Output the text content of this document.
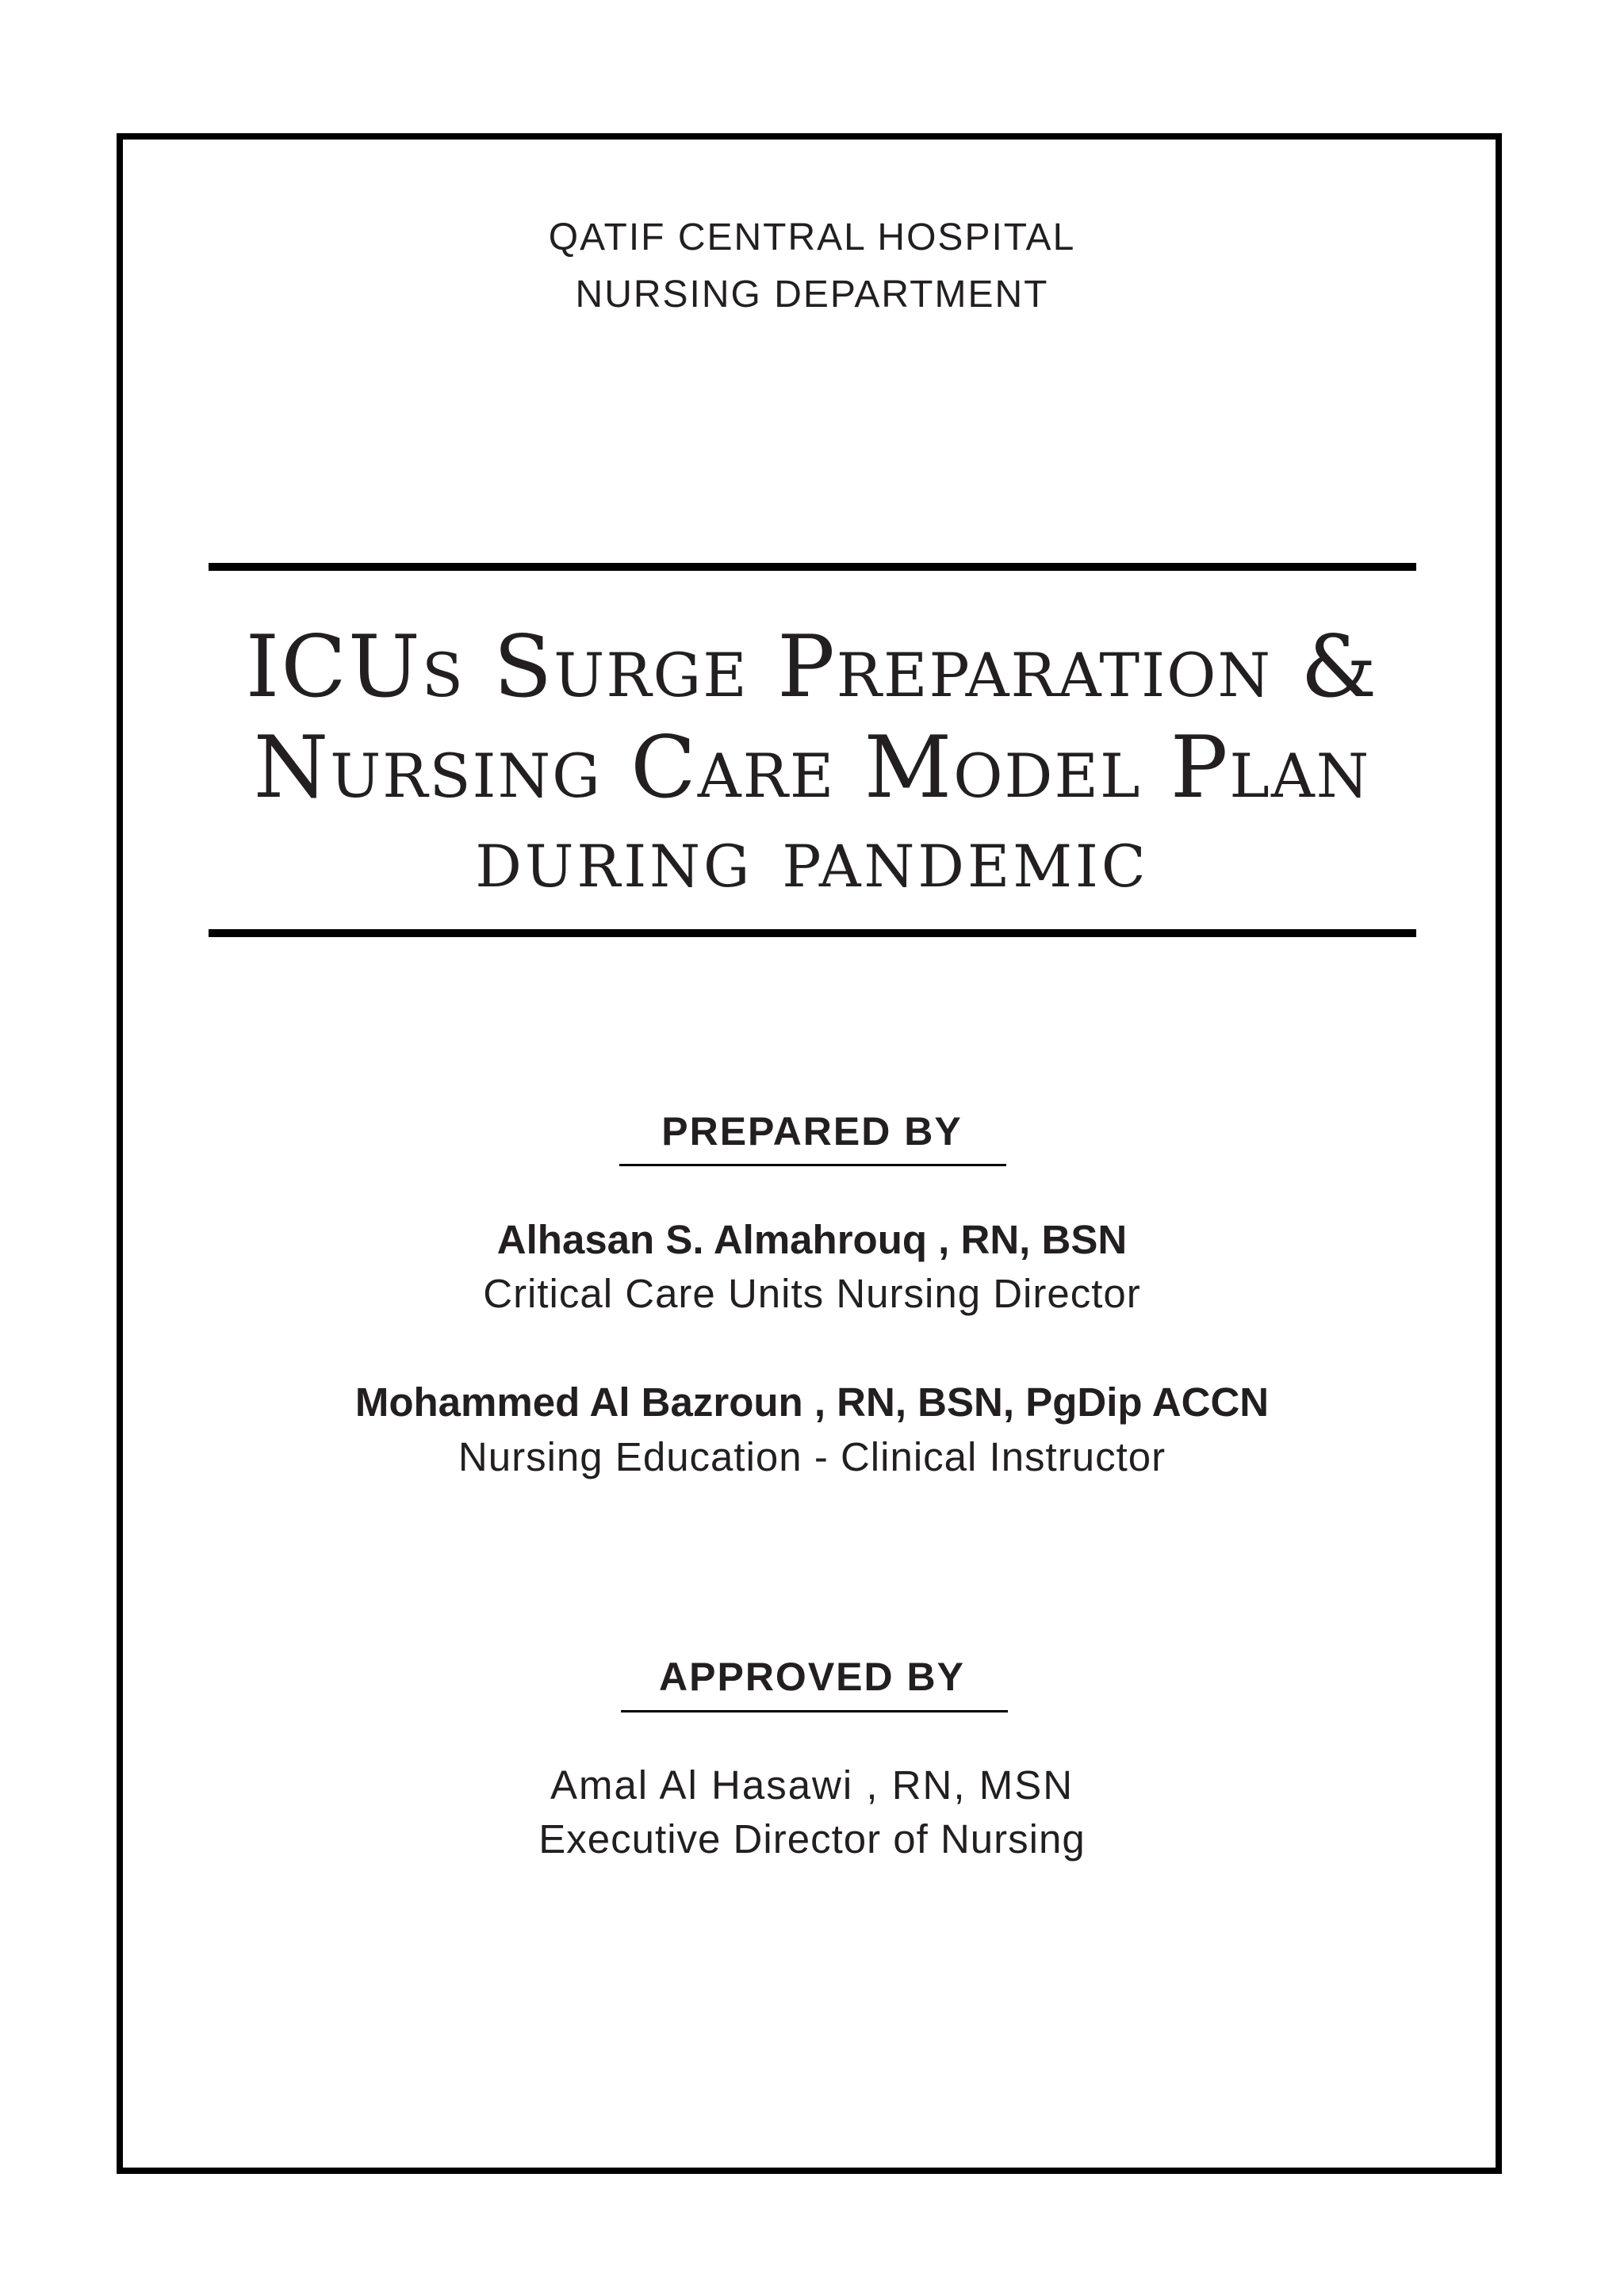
QATIF CENTRAL HOSPITAL
NURSING DEPARTMENT
ICUs Surge Preparation &
Nursing Care Model Plan
during pandemic
PREPARED BY
Alhasan S. Almahrouq , RN, BSN
Critical Care Units Nursing Director
Mohammed Al Bazroun , RN, BSN, PgDip ACCN
Nursing Education - Clinical Instructor
APPROVED BY
Amal Al Hasawi , RN, MSN
Executive Director of Nursing
